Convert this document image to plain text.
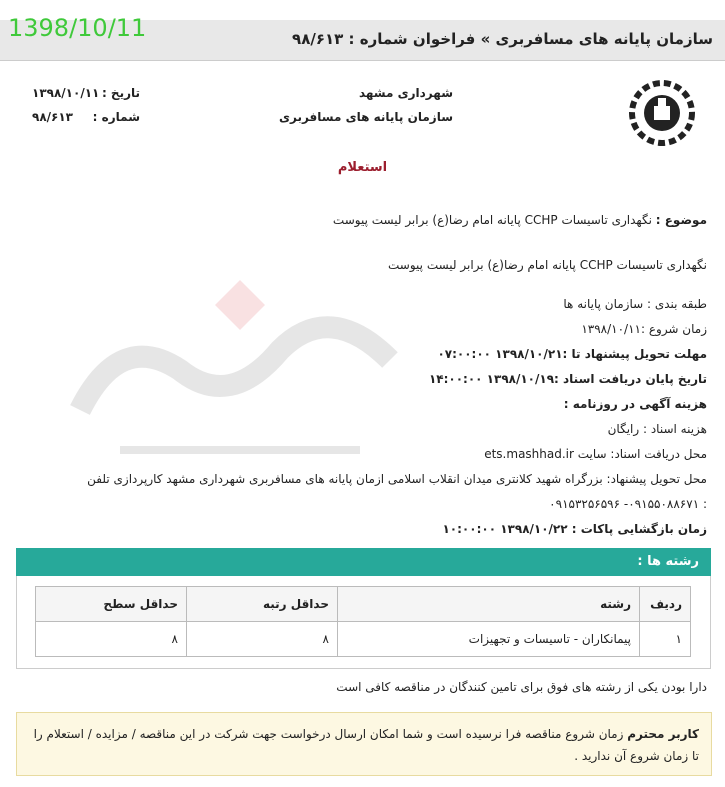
1398/10/11	سازمان پایانه های مسافربری » فراخوان شماره : ۹۸/۶۱۳
شهرداری مشهد
سازمان پایانه های مسافربری
تاریخ :
۱۳۹۸/۱۰/۱۱
شماره :
۹۸/۶۱۳
استعلام
موضوع : نگهداری تاسیسات CCHP پایانه امام رضا(ع) برابر لیست پیوست
نگهداری تاسیسات CCHP پایانه امام رضا(ع) برابر لیست پیوست
طبقه بندی : سازمان پایانه ها
زمان شروع :۱۳۹۸/۱۰/۱۱
مهلت تحویل پیشنهاد تا :۱۳۹۸/۱۰/۲۱ ۰۷:۰۰:۰۰
تاریخ پایان دریافت اسناد :۱۳۹۸/۱۰/۱۹ ۱۴:۰۰:۰۰
هزینه آگهی در روزنامه :
هزینه اسناد : رایگان
محل دریافت اسناد: سایت ets.mashhad.ir
محل تحویل پیشنهاد: بزرگراه شهید کلانتری میدان انقلاب اسلامی ازمان پایانه های مسافربری شهرداری مشهد کارپردازی تلفن
: ۰۹۱۵۵۰۸۸۶۷۱- ۰۹۱۵۳۲۵۶۵۹۶
زمان بازگشایی پاکات : ۱۳۹۸/۱۰/۲۲ ۱۰:۰۰:۰۰
رشته ها :
ردیف	رشته	حداقل رتبه	حداقل سطح
۱	پیمانکاران - تاسیسات و تجهیزات	۸	۸
دارا بودن یکی از رشته های فوق برای تامین کنندگان در مناقصه کافی است
کاربر محترم زمان شروع مناقصه فرا نرسیده است و شما امکان ارسال درخواست جهت شرکت در این مناقصه / مزایده / استعلام را تا زمان شروع آن ندارید .
